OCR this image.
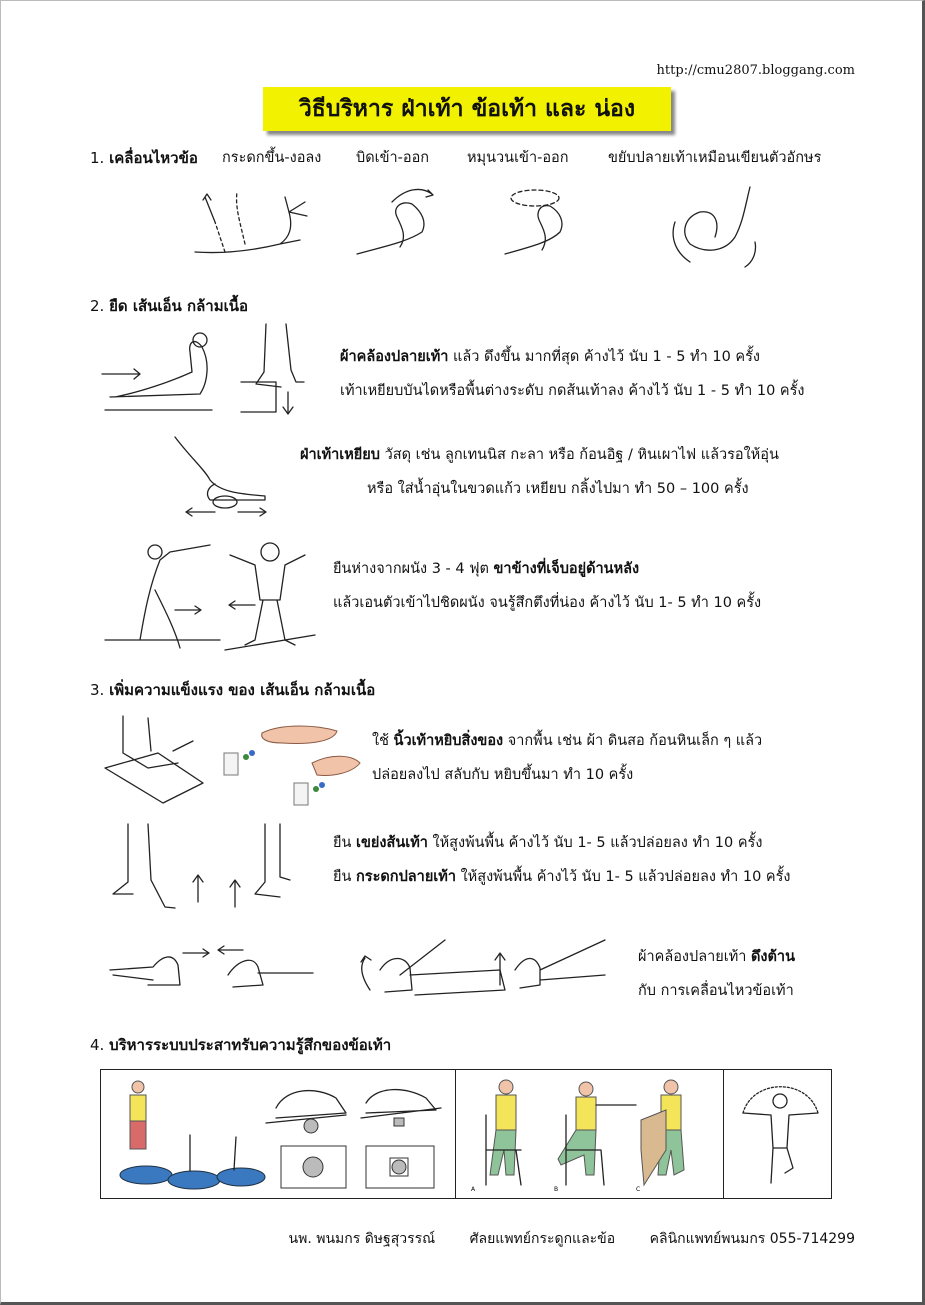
http://cmu2807.bloggang.com
วิธีบริหาร ฝ่าเท้า ข้อเท้า และ น่อง
1. เคลื่อนไหวข้อ กระดกขึ้น-งอลง บิดเข้า-ออก	หมุนวนเข้า-ออก	ขยับปลายเท้าเหมือนเขียนตัวอักษร
2. ยืด เส้นเอ็น กล้ามเนื้อ
ผ้าคล้องปลายเท้า แล้ว ดึงขึ้น มากที่สุด ค้างไว้ นับ 1 - 5 ทำ 10 ครั้ง
เท้าเหยียบบันไดหรือพื้นต่างระดับ กดส้นเท้าลง ค้างไว้ นับ 1 - 5 ทำ 10 ครั้ง
ฝ่าเท้าเหยียบ วัสดุ เช่น ลูกเทนนิส กะลา หรือ ก้อนอิฐ / หินเผาไฟ แล้วรอให้อุ่น
หรือ ใส่น้ำอุ่นในขวดแก้ว เหยียบ กลิ้งไปมา ทำ 50 – 100 ครั้ง
ยืนห่างจากผนัง 3 - 4 ฟุต ขาข้างที่เจ็บอยู่ด้านหลัง
แล้วเอนตัวเข้าไปชิดผนัง จนรู้สึกตึงที่น่อง ค้างไว้ นับ 1- 5 ทำ 10 ครั้ง
3. เพิ่มความแข็งแรง ของ เส้นเอ็น กล้ามเนื้อ
ใช้ นิ้วเท้าหยิบสิ่งของ จากพื้น เช่น ผ้า ดินสอ ก้อนหินเล็ก ๆ แล้ว
ปล่อยลงไป สลับกับ หยิบขึ้นมา ทำ 10 ครั้ง
ยืน เขย่งส้นเท้า ให้สูงพ้นพื้น ค้างไว้ นับ 1- 5 แล้วปล่อยลง ทำ 10 ครั้ง
ยืน กระดกปลายเท้า ให้สูงพ้นพื้น ค้างไว้ นับ 1- 5 แล้วปล่อยลง ทำ 10 ครั้ง
ผ้าคล้องปลายเท้า ดึงต้าน
กับ การเคลื่อนไหวข้อเท้า
4. บริหารระบบประสาทรับความรู้สึกของข้อเท้า
A	B	C
นพ. พนมกร ดิษฐสุวรรณ์ ศัลยแพทย์กระดูกและข้อ คลินิกแพทย์พนมกร 055-714299
